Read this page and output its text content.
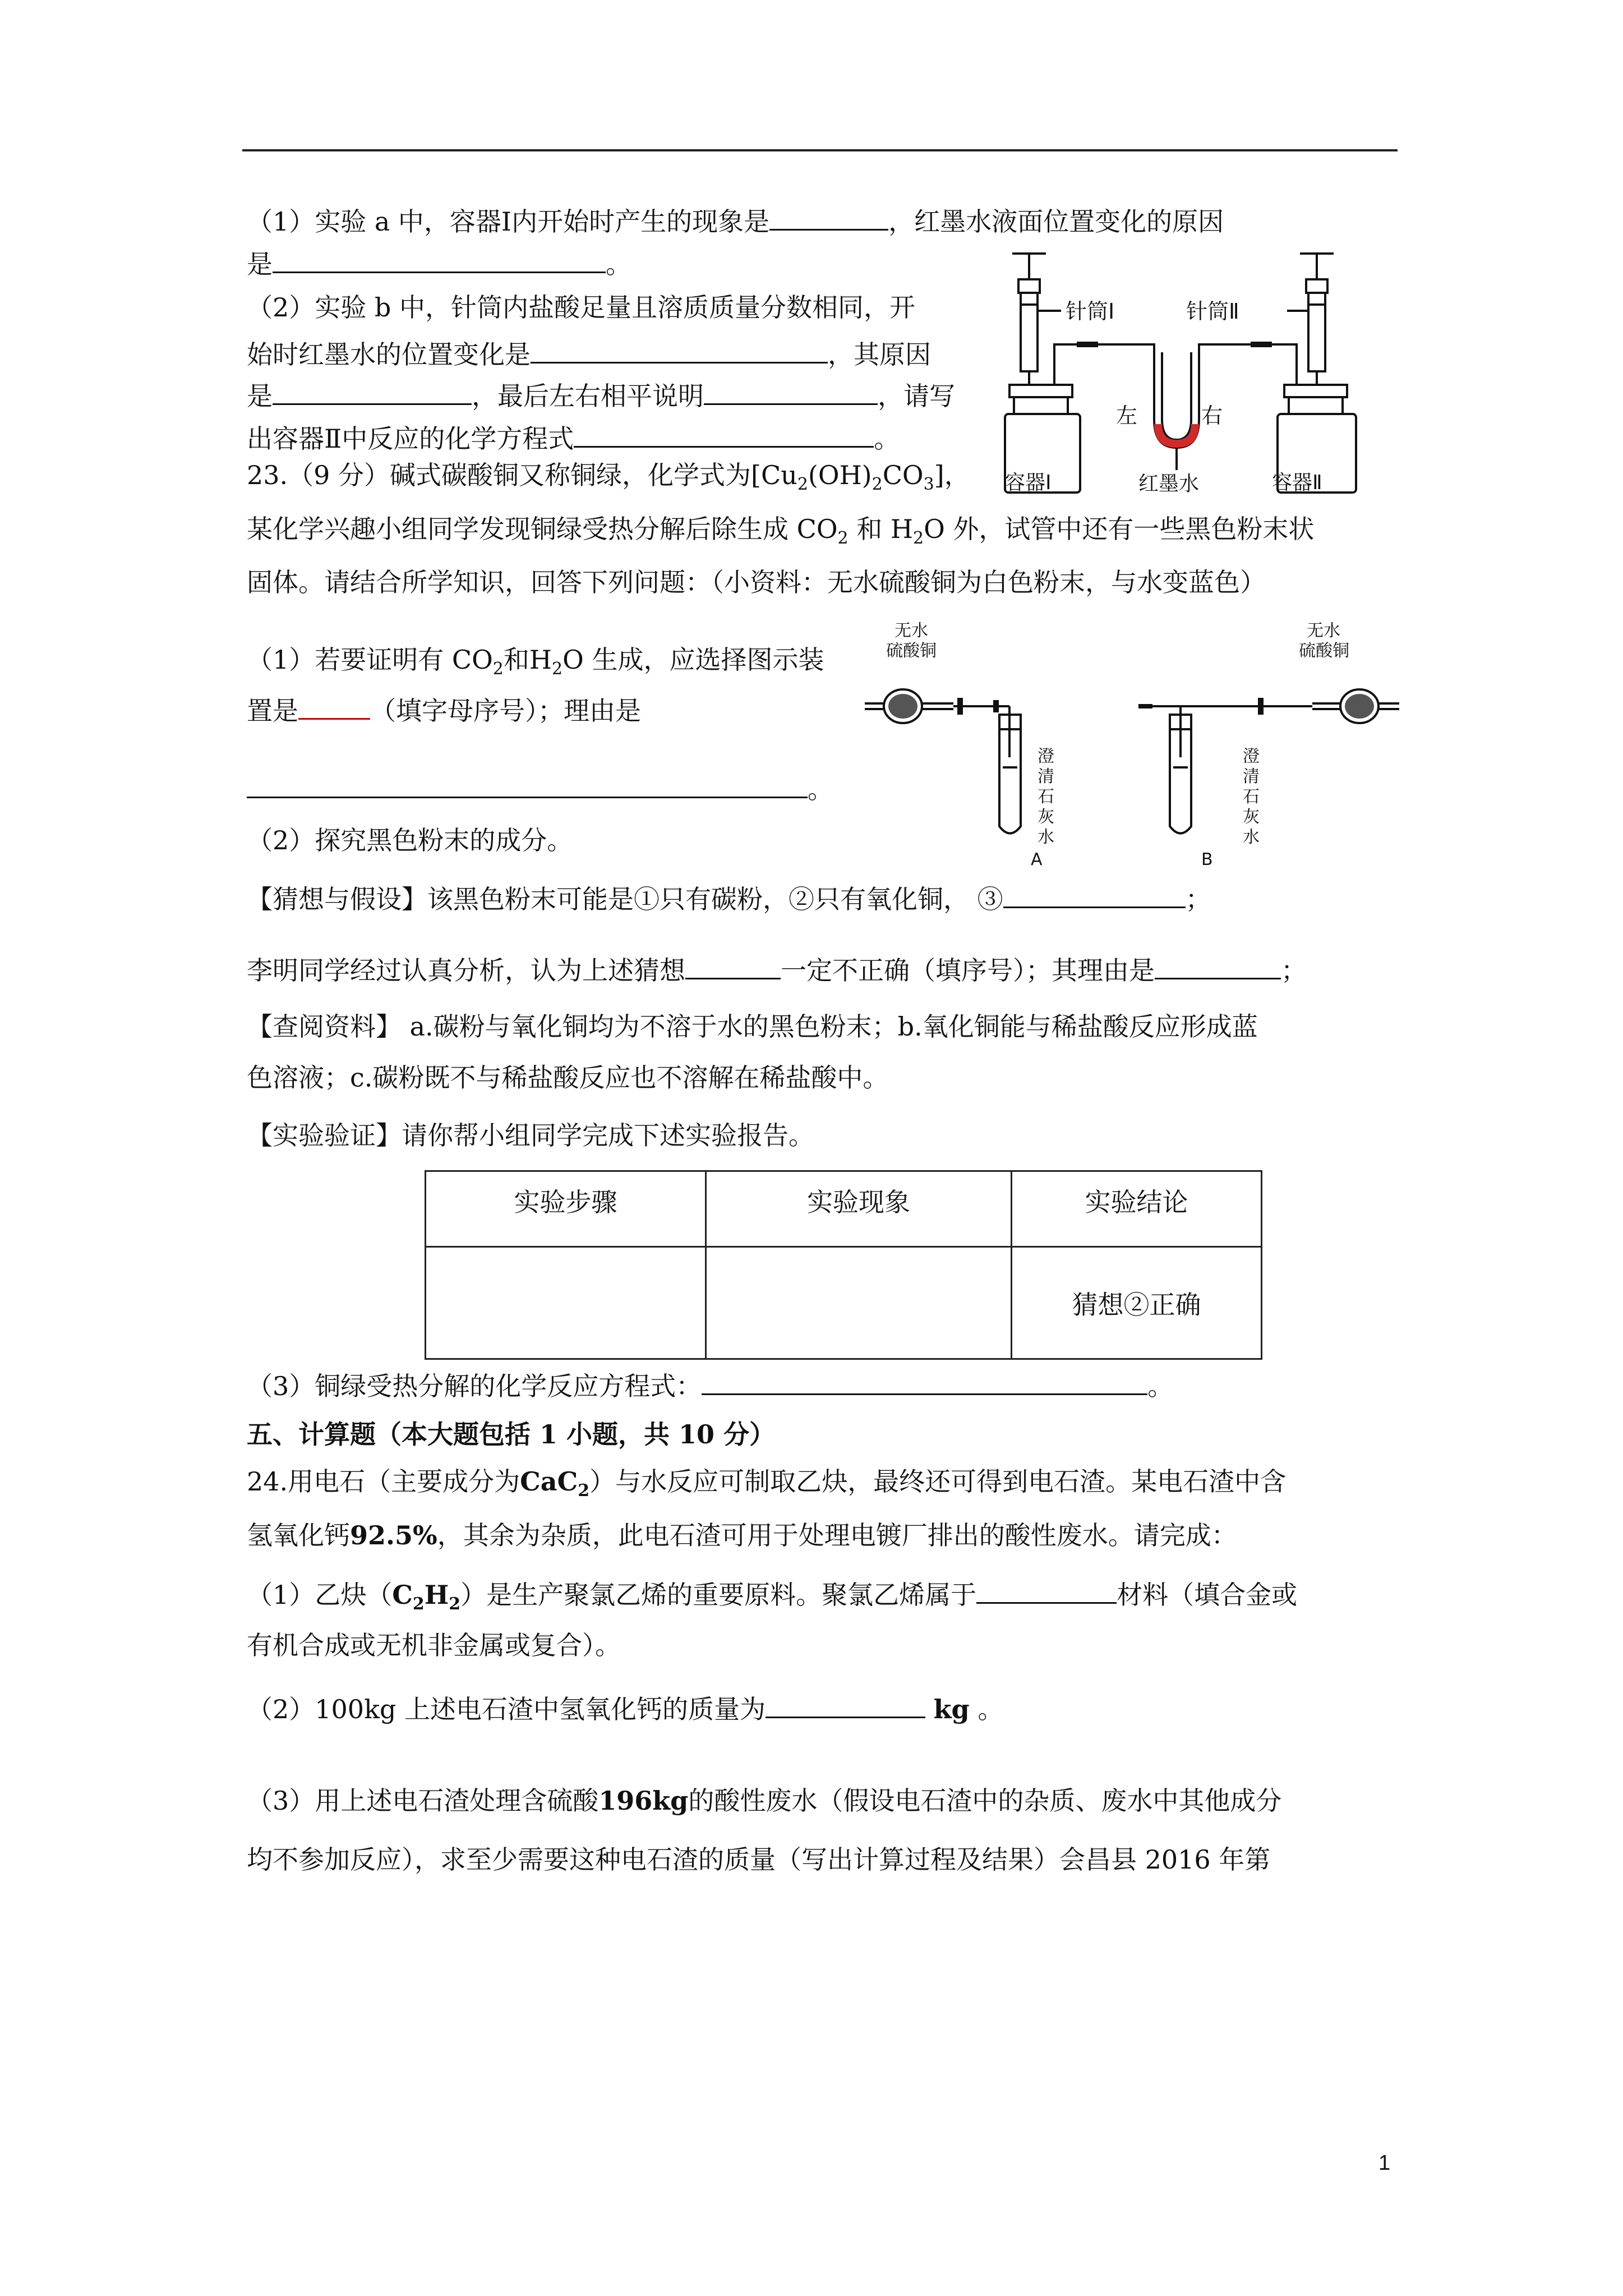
（1）实验 a 中，容器Ⅰ内开始时产生的现象是	，红墨水液面位置变化的原因
是	。
（2）实验 b 中，针筒内盐酸足量且溶质质量分数相同，开
始时红墨水的位置变化是	，其原因
是	，最后左右相平说明	，请写
出容器Ⅱ中反应的化学方程式	。
针筒Ⅰ	针筒Ⅱ
左	右
容器Ⅰ	红墨水	容器Ⅱ
23.（9 分）碱式碳酸铜又称铜绿，化学式为$[Cu_2(OH)_2CO_3]$，
某化学兴趣小组同学发现铜绿受热分解后除生成 $CO_2$ 和 $H_2O$ 外，试管中还有一些黑色粉末状
固体。请结合所学知识，回答下列问题：（小资料：无水硫酸铜为白色粉末，与水变蓝色）
（1）若要证明有 $CO_2$和$H_2O$ 生成，应选择图示装
置是	（填字母序号）；理由是
。
无水
硫酸铜
无水
硫酸铜
澄
清
石
灰
水
澄
清
石
灰
水
A	B
（2）探究黑色粉末的成分。
【猜想与假设】该黑色粉末可能是①只有碳粉，②只有氧化铜， ③	；
李明同学经过认真分析，认为上述猜想	一定不正确（填序号）；其理由是	；
【查阅资料】 a.碳粉与氧化铜均为不溶于水的黑色粉末；b.氧化铜能与稀盐酸反应形成蓝
色溶液；c.碳粉既不与稀盐酸反应也不溶解在稀盐酸中。
【实验验证】请你帮小组同学完成下述实验报告。
实验步骤	实验现象	实验结论
		猜想②正确
（3）铜绿受热分解的化学反应方程式：	。
五、计算题（本大题包括 1 小题，共 10 分）
24.用电石（主要成分为CaC$_2$）与水反应可制取乙炔，最终还可得到电石渣。某电石渣中含
氢氧化钙92.5%，其余为杂质，此电石渣可用于处理电镀厂排出的酸性废水。请完成：
（1）乙炔$(C_2H_2)$是生产聚氯乙烯的重要原料。聚氯乙烯属于	材料（填合金或
有机合成或无机非金属或复合）。
（2）100kg 上述电石渣中氢氧化钙的质量为	kg 。
（3）用上述电石渣处理含硫酸196kg的酸性废水（假设电石渣中的杂质、废水中其他成分
均不参加反应），求至少需要这种电石渣的质量（写出计算过程及结果）会昌县 2016 年第
1
